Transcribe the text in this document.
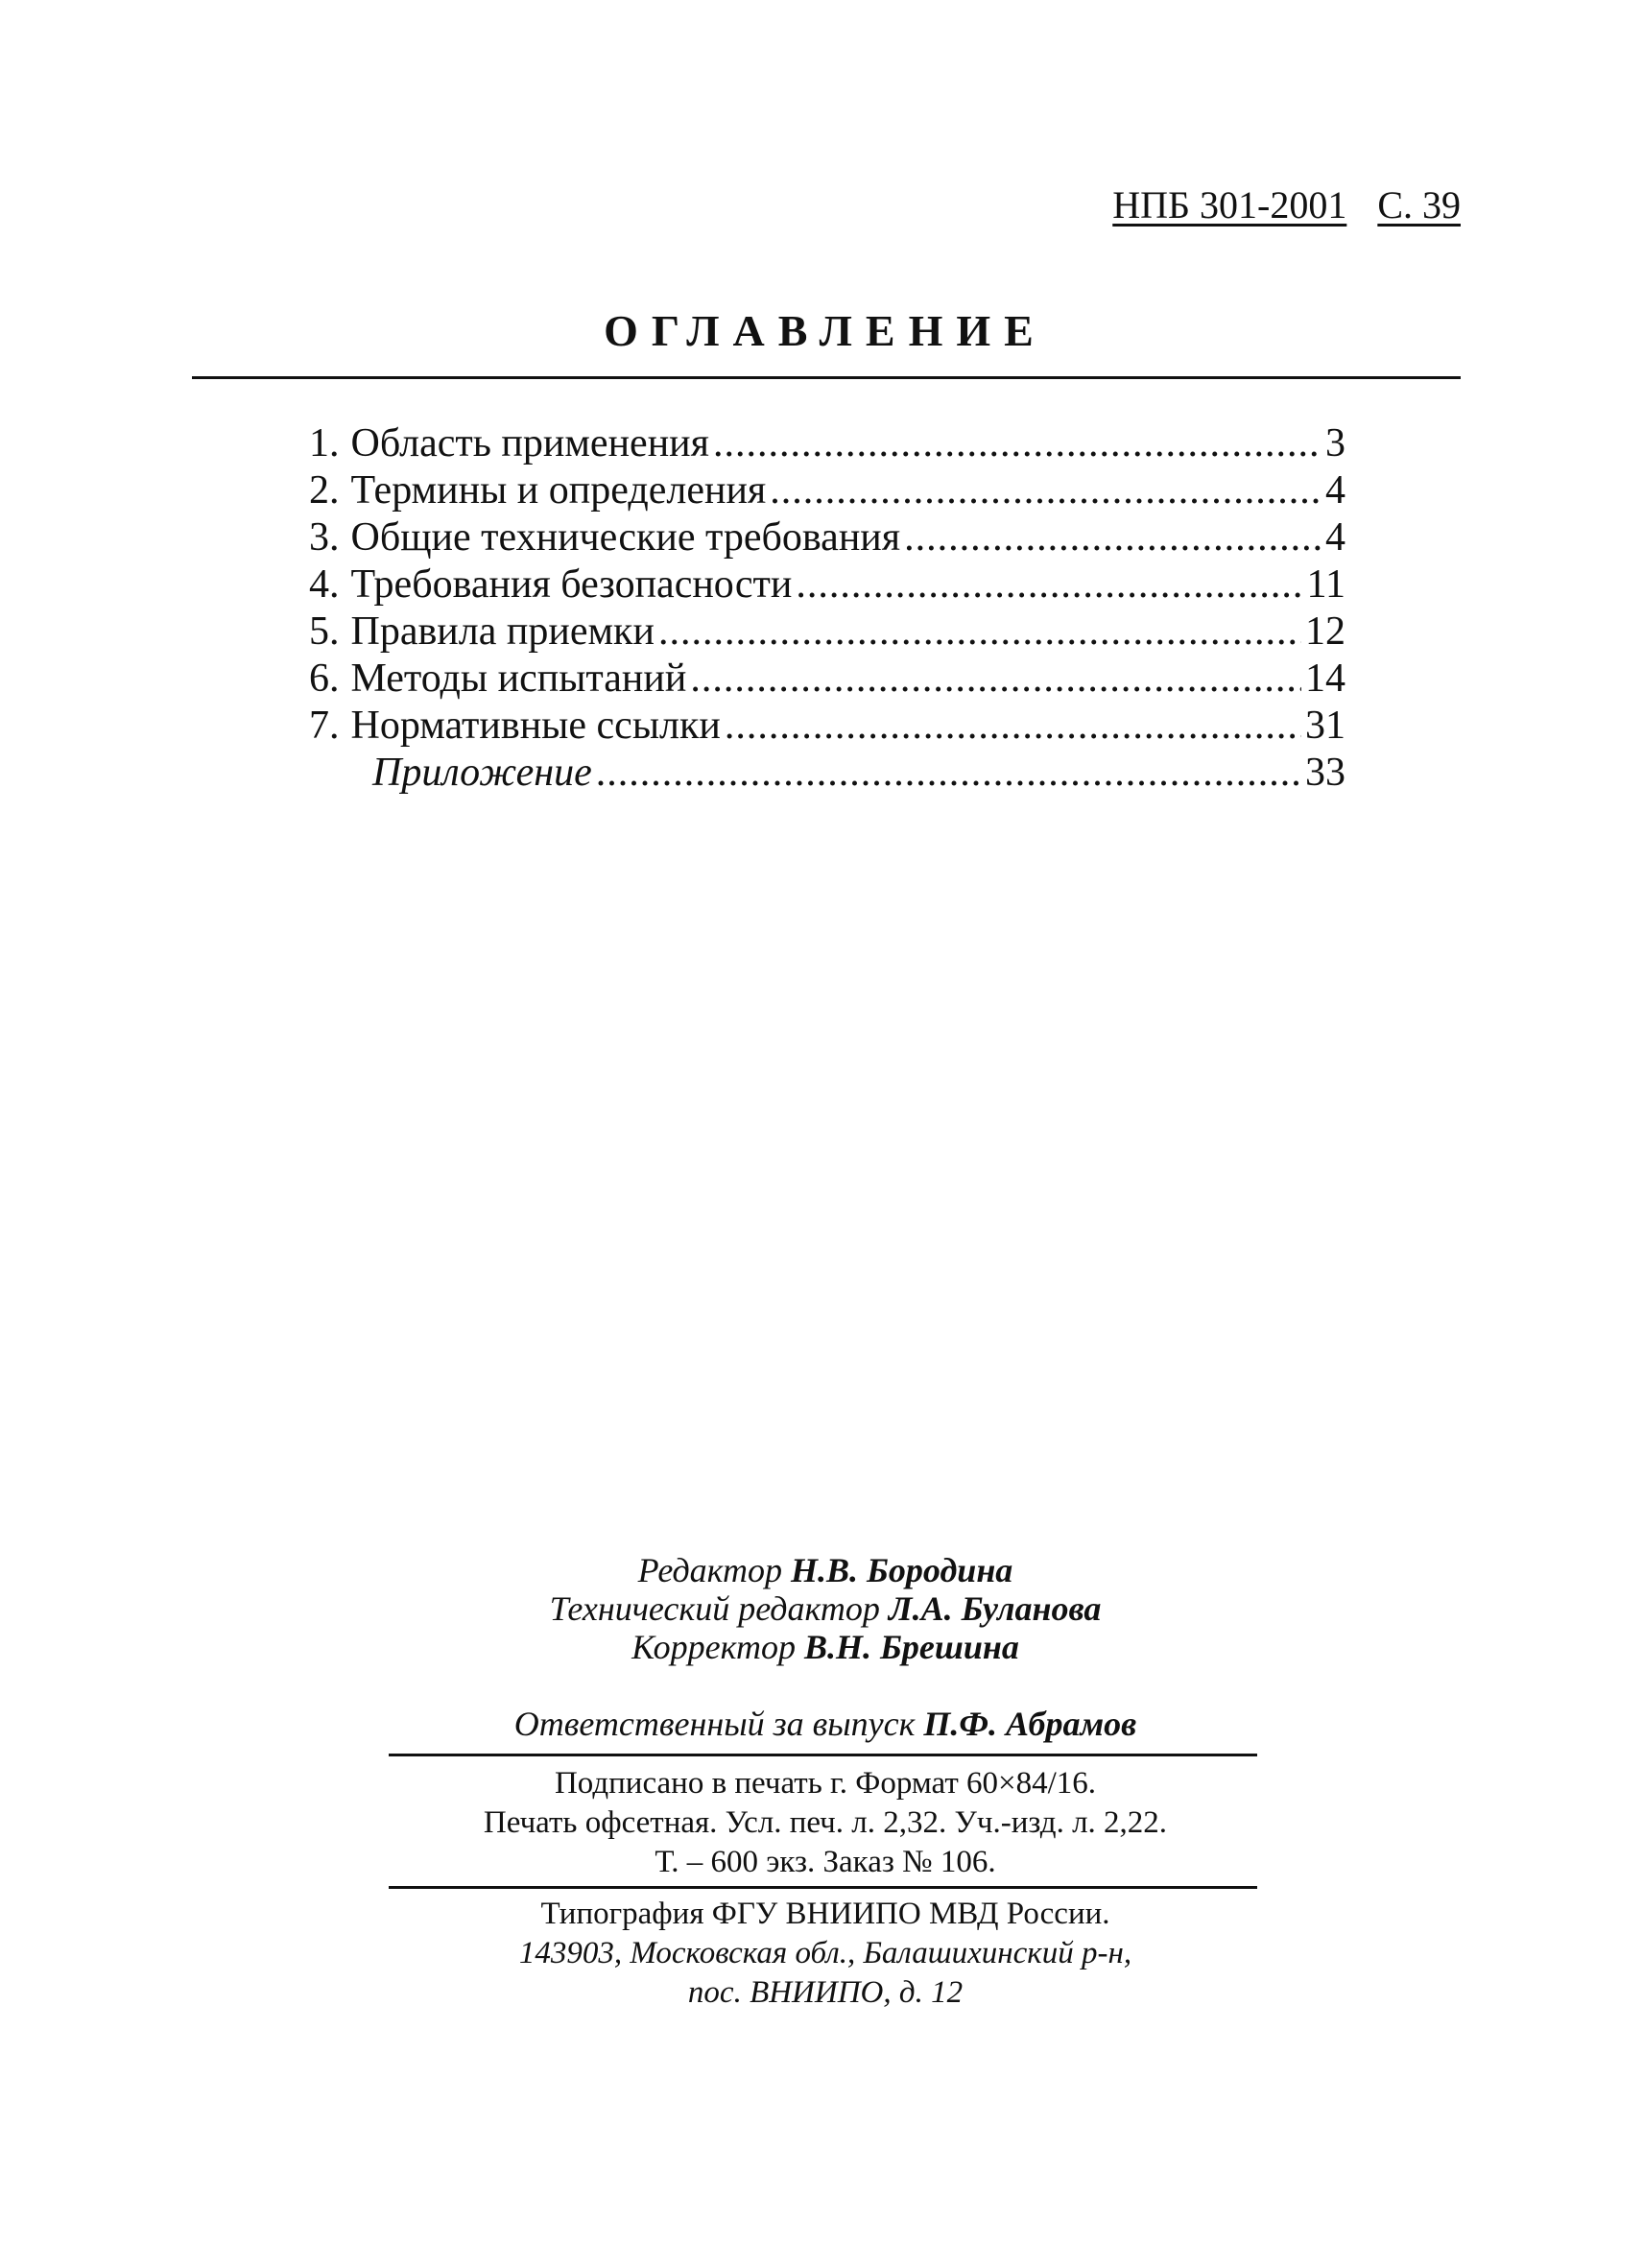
НПБ 301-2001 С. 39
ОГЛАВЛЕНИЕ
1. Область применения .....	3
2. Термины и определения .....	4
3. Общие технические требования .....	4
4. Требования безопасности .....	11
5. Правила приемки .....	12
6. Методы испытаний .....	14
7. Нормативные ссылки .....	31
Приложение .....	33
Редактор Н.В. Бородина
Технический редактор Л.А. Буланова
Корректор В.Н. Брешина
Ответственный за выпуск П.Ф. Абрамов
Подписано в печать г. Формат 60×84/16.
Печать офсетная. Усл. печ. л. 2,32. Уч.-изд. л. 2,22.
Т. – 600 экз. Заказ № 106.
Типография ФГУ ВНИИПО МВД России.
143903, Московская обл., Балашихинский р-н,
пос. ВНИИПО, д. 12
